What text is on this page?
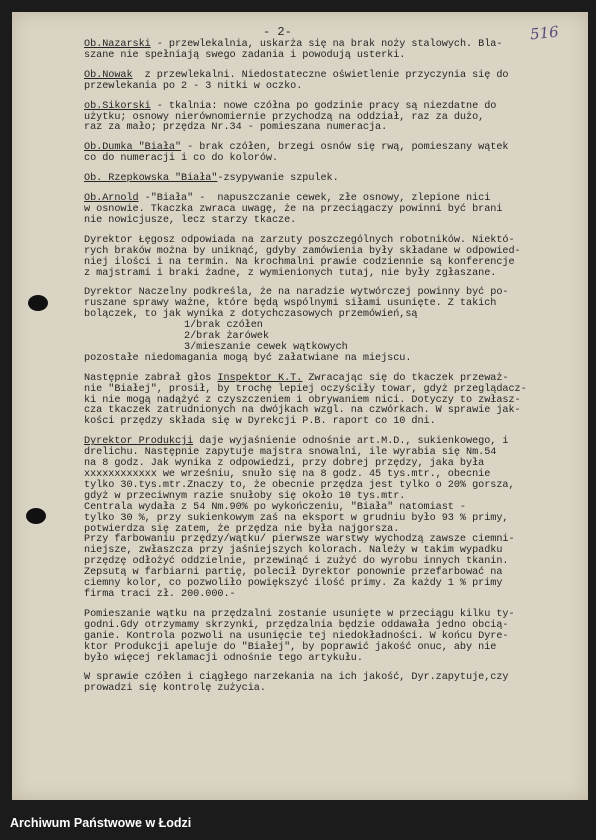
- 2-	516
Ob.Nazarski - przewlekalnia, uskarża się na brak noży stalowych. Bla-
szane nie spełniają swego zadania i powodują usterki.
Ob.Nowak  z przewlekalni. Niedostateczne oświetlenie przyczynia się do
przewlekania po 2 - 3 nitki w oczko.
ob.Sikorski - tkalnia: nowe czółna po godzinie pracy są niezdatne do
użytku; osnowy nierównomiernie przychodzą na oddział, raz za dużo,
raz za mało; przędza Nr.34 - pomieszana numeracja.
Ob.Dumka "Biała" - brak czółen, brzegi osnów się rwą, pomieszany wątek
co do numeracji i co do kolorów.
Ob. Rzepkowska "Biała"-zsypywanie szpulek.
Ob.Arnold -"Biała" -  napuszczanie cewek, złe osnowy, zlepione nici
w osnowie. Tkaczka zwraca uwagę, że na przeciągaczy powinni być brani
nie nowicjusze, lecz starzy tkacze.
Dyrektor Łęgosz odpowiada na zarzuty poszczególnych robotników. Niektó-
rych braków można by uniknąć, gdyby zamówienia były składane w odpowied-
niej ilości i na termin. Na krochmalni prawie codziennie są konferencje
z majstrami i braki żadne, z wymienionych tutaj, nie były zgłaszane.
Dyrektor Naczelny podkreśla, że na naradzie wytwórczej powinny być po-
ruszane sprawy ważne, które będą wspólnymi siłami usunięte. Z takich
bolączek, to jak wynika z dotychczasowych przemówień,są
1/brak czółen
2/brak żarówek
3/mieszanie cewek wątkowych
pozostałe niedomagania mogą być załatwiane na miejscu.
Następnie zabrał głos Inspektor K.T. Zwracając się do tkaczek przeważ-
nie "Białej", prosił, by trochę lepiej oczyściły towar, gdyż przeglądacz-
ki nie mogą nadążyć z czyszczeniem i obrywaniem nici. Dotyczy to zwłasz-
cza tkaczek zatrudnionych na dwójkach wzgl. na czwórkach. W sprawie jak-
kości przędzy składa się w Dyrekcji P.B. raport co 10 dni.
Dyrektor Produkcji daje wyjaśnienie odnośnie art.M.D., sukienkowego, i
drelichu. Następnie zapytuje majstra snowalni, ile wyrabia się Nm.54
na 8 godz. Jak wynika z odpowiedzi, przy dobrej przędzy, jaka była
xxxxxxxxxxxx we wrześniu, snuło się na 8 godz. 45 tys.mtr., obecnie
tylko 30.tys.mtr.Znaczy to, że obecnie przędza jest tylko o 20% gorsza,
gdyż w przeciwnym razie snułoby się około 10 tys.mtr.
Centrala wydała z 54 Nm.90% po wykończeniu, "Biała" natomiast -
tylko 30 %, przy sukienkowym zaś na eksport w grudniu było 93 % primy,
potwierdza się zatem, że przędza nie była najgorsza.
Przy farbowaniu przędzy/wątku/ pierwsze warstwy wychodzą zawsze ciemni-
niejsze, zwłaszcza przy jaśniejszych kolorach. Należy w takim wypadku
przędzę odłożyć oddzielnie, przewinąć i zużyć do wyrobu innych tkanin.
Zepsutą w farbiarni partię, polecił Dyrektor ponownie przefarbować na
ciemny kolor, co pozwoliło powiększyć ilość primy. Za każdy 1 % primy
firma traci zł. 200.000.-
Pomieszanie wątku na przędzalni zostanie usunięte w przeciągu kilku ty-
godni.Gdy otrzymamy skrzynki, przędzalnia będzie oddawała jedno obcią-
ganie. Kontrola pozwoli na usunięcie tej niedokładności. W końcu Dyre-
ktor Produkcji apeluje do "Białej", by poprawić jakość onuc, aby nie
było więcej reklamacji odnośnie tego artykułu.
W sprawie czółen i ciągłego narzekania na ich jakość, Dyr.zapytuje,czy
prowadzi się kontrolę zużycia.
Archiwum Państwowe w Łodzi
